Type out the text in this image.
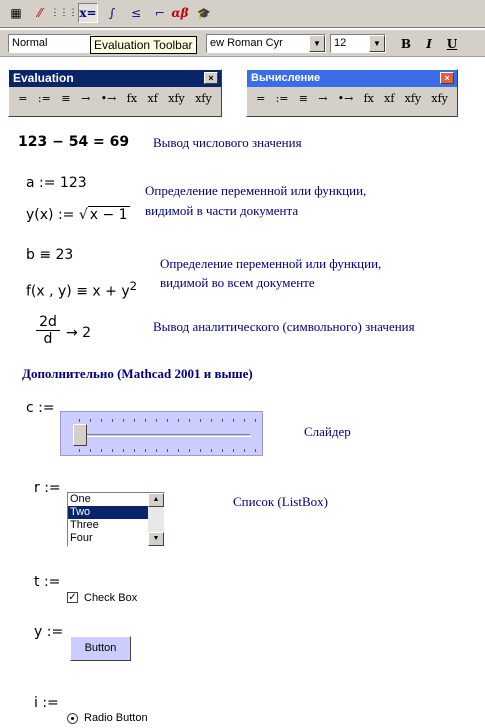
▦	⁄⁄ ⋮⋮⋮ x=	∫	≤	⌐ αβ 🎓
Normal	ew Roman Cyr	▼	12	▼	B	I	U
Evaluation Toolbar
Evaluation	×
= := ≡ → •→ fx xf xfy xfy
Вычисление	×
= := ≡ → •→ fx xf xfy xfy
123 − 54 = 69 Вывод числового значения
a := 123
y(x) := √ x − 1
Определение переменной или функции,
видимой в части документа
b ≡ 23
f(x , $y) \equiv x + y^2$
Определение переменной или функции,
видимой во всем документе
$\frac{2d}{d} \to 2$	Вывод аналитического (символьного) значения
Дополнительно (Mathcad 2001 и выше)
c :=
Слайдер
r :=
One
Two
Three
Four
▲
▼
Список (ListBox)
t :=
✓ Check Box
y :=
Button
i :=
Radio Button
